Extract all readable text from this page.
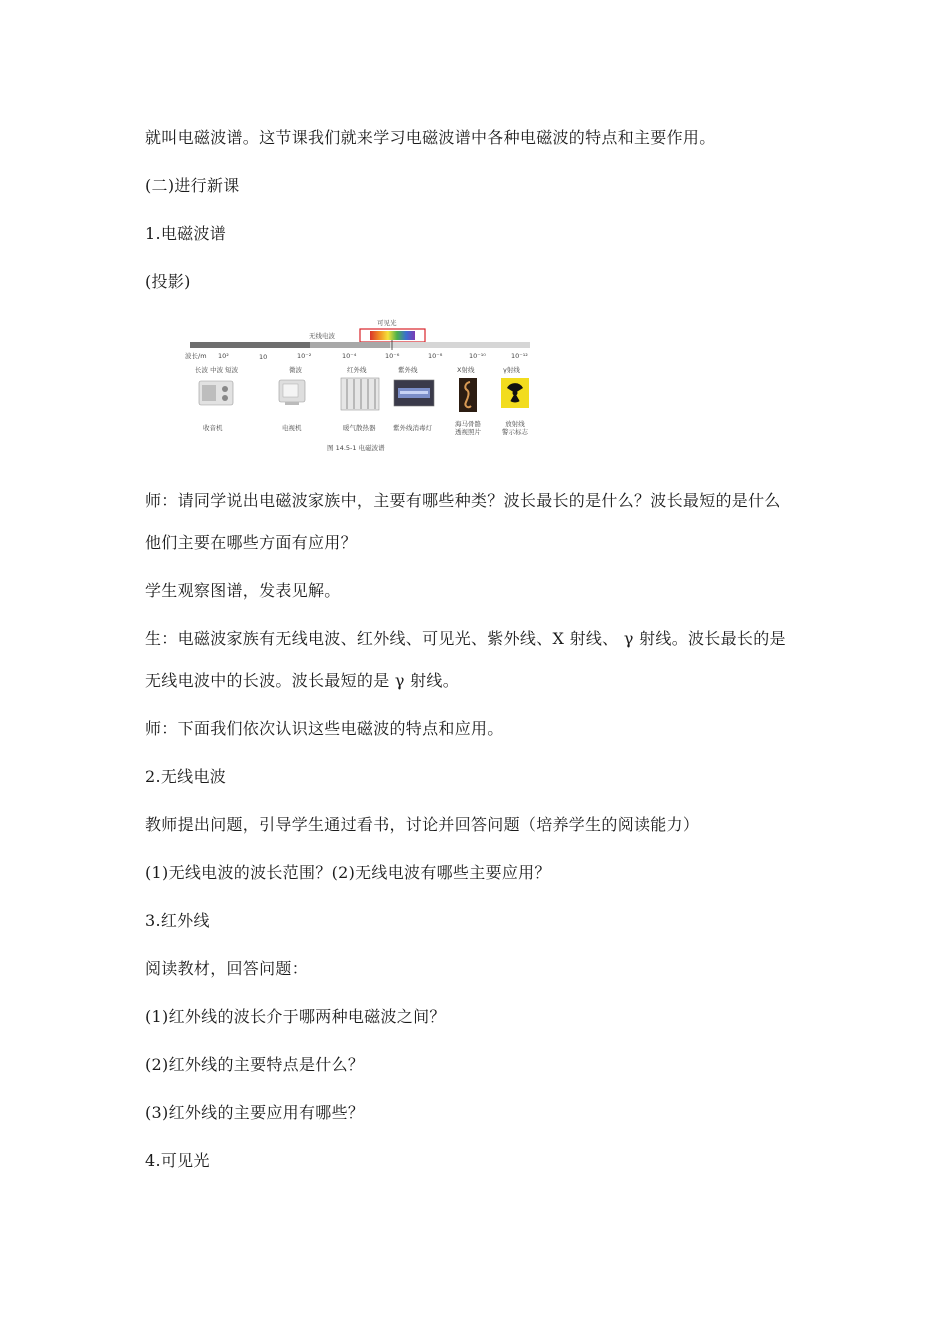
就叫电磁波谱。这节课我们就来学习电磁波谱中各种电磁波的特点和主要作用。
(二)进行新课
1.电磁波谱
(投影)
可见光
无线电波
波长/m 10²	10	10⁻²	10⁻⁴	10⁻⁶	10⁻⁸	10⁻¹⁰	10⁻¹²
长波 中波 短波	微波	红外线	紫外线	X射线	γ射线
收音机	电视机	暖气散热器	紫外线消毒灯
图 14.5-1 电磁波谱
海马骨骼
透视照片
放射线
警示标志
师：请同学说出电磁波家族中，主要有哪些种类？波长最长的是什么？波长最短的是什么
他们主要在哪些方面有应用？
学生观察图谱，发表见解。
生：电磁波家族有无线电波、红外线、可见光、紫外线、X 射线、 γ 射线。波长最长的是
无线电波中的长波。波长最短的是 γ 射线。
师：下面我们依次认识这些电磁波的特点和应用。
2.无线电波
教师提出问题，引导学生通过看书，讨论并回答问题（培养学生的阅读能力）
(1)无线电波的波长范围？(2)无线电波有哪些主要应用？
3.红外线
阅读教材，回答问题：
(1)红外线的波长介于哪两种电磁波之间？
(2)红外线的主要特点是什么？
(3)红外线的主要应用有哪些？
4.可见光
